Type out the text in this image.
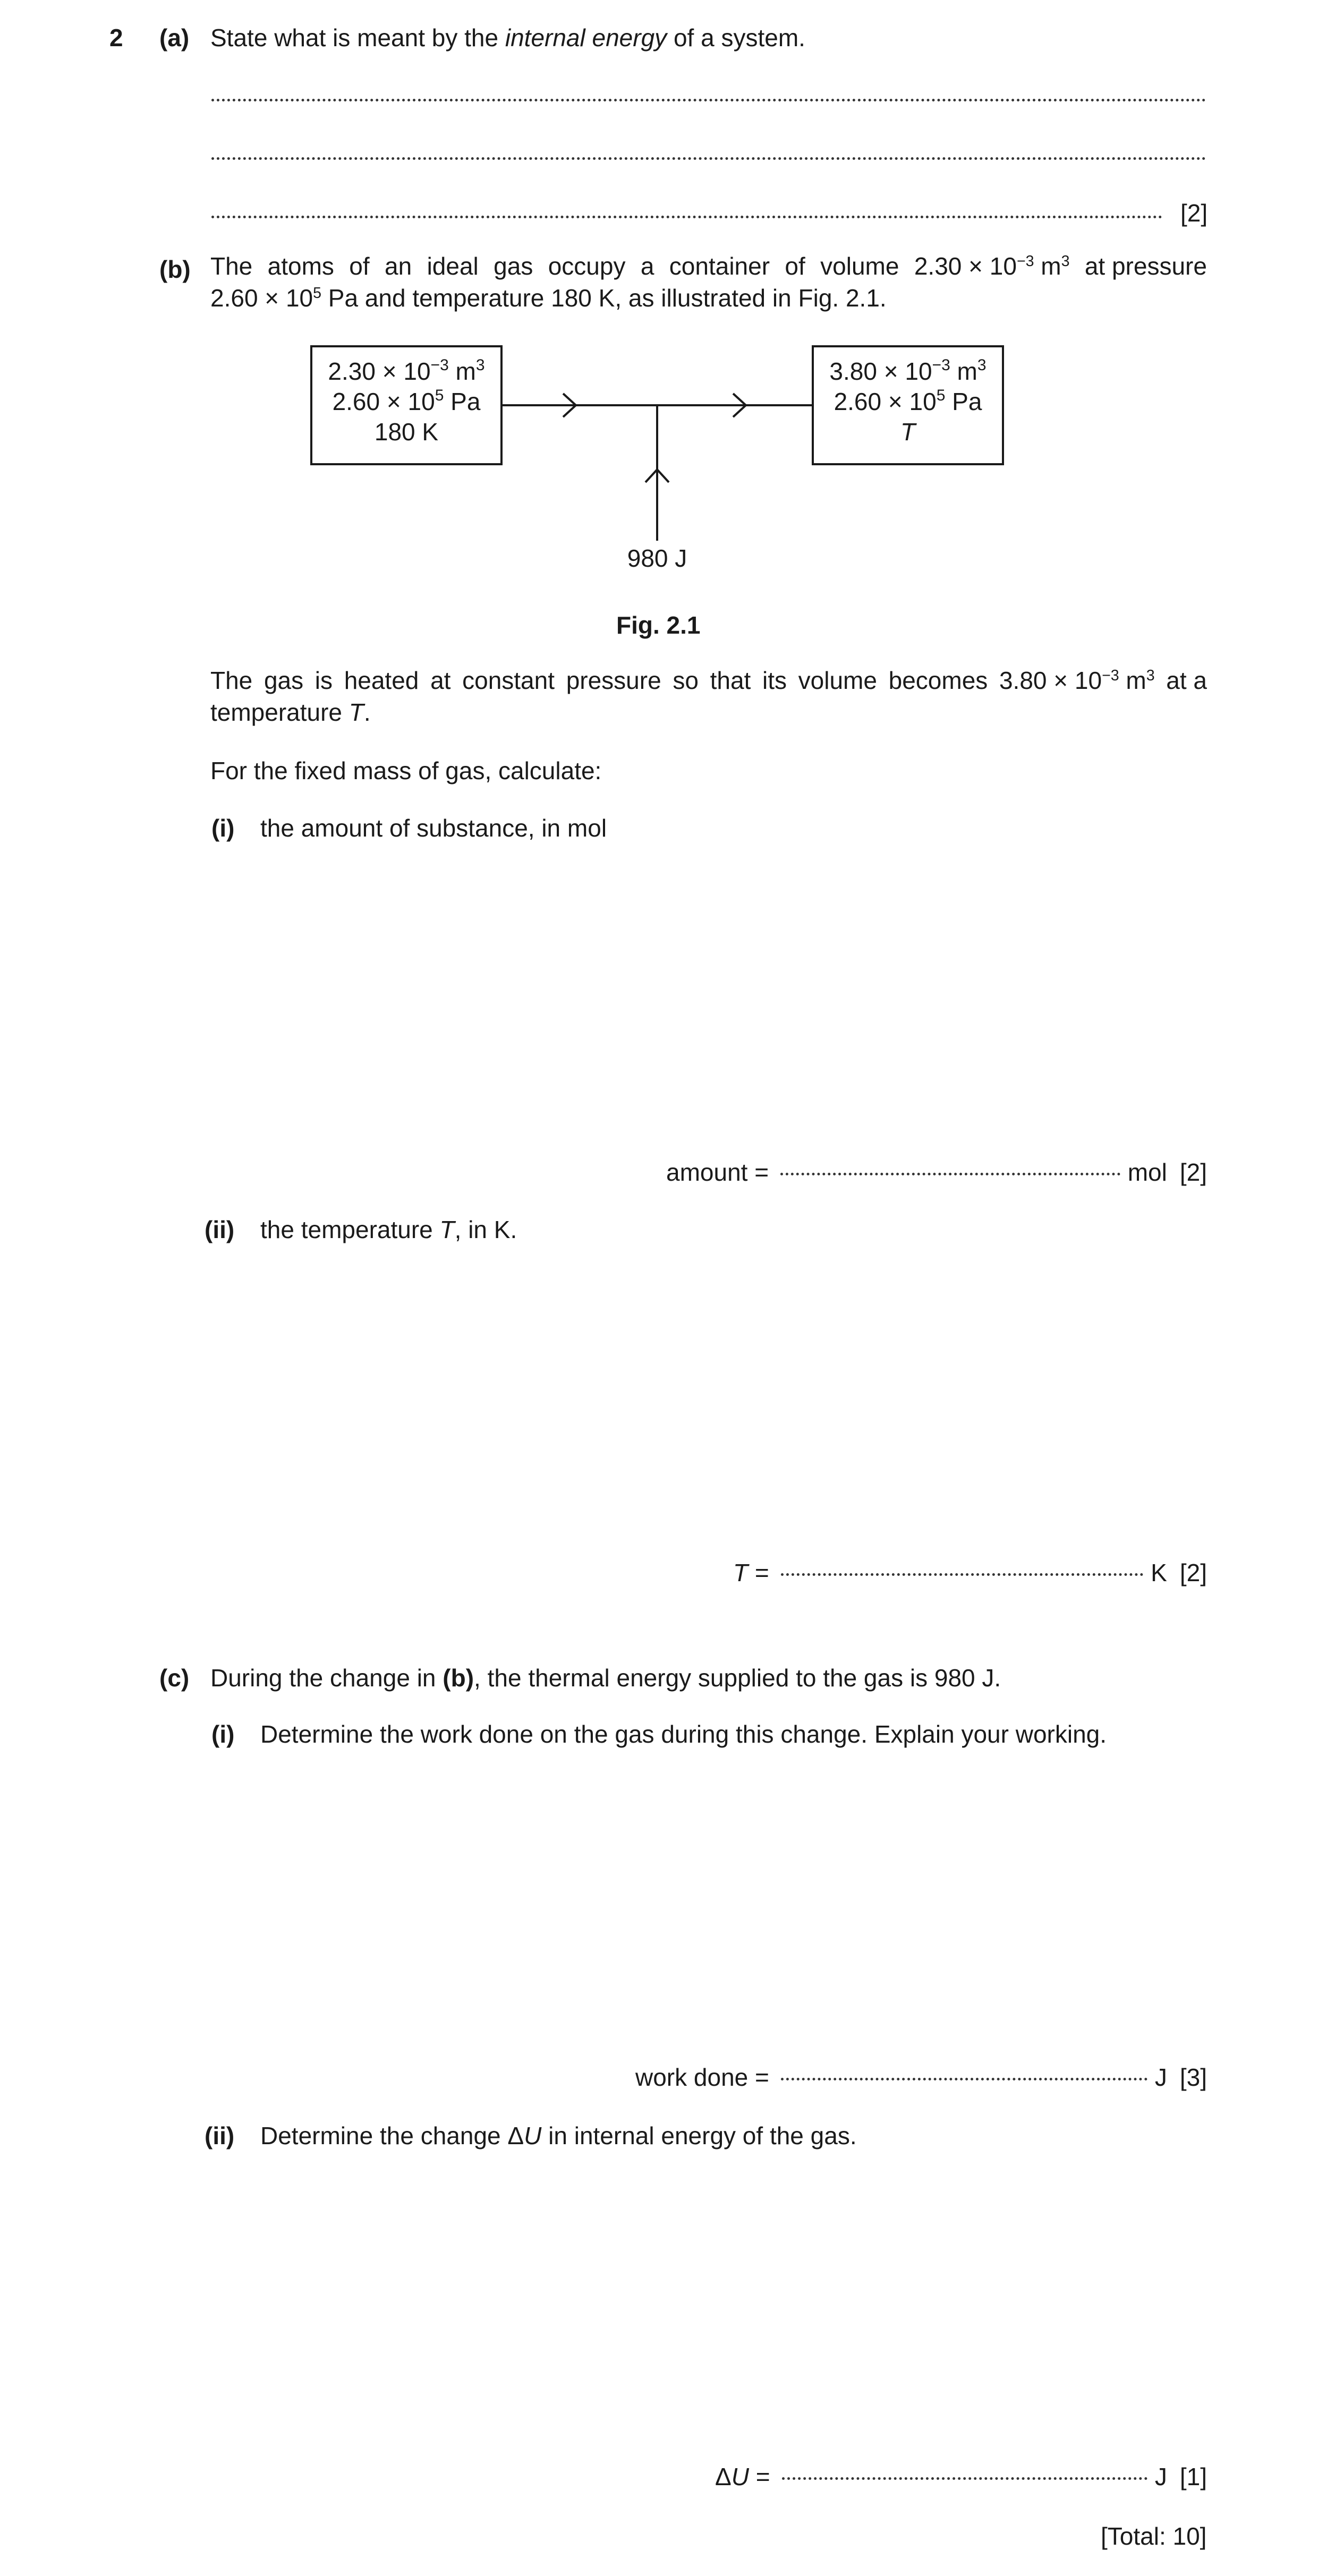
2 (a) State what is meant by the internal energy of a system.
[2]
(b) The atoms of an ideal gas occupy a container of volume $2.30 \times 10^{-3}$ $m^3$ at pressure
$2.60 \times 10^5$ Pa and temperature 180 K, as illustrated in Fig. 2.1.
$2.30 \times 10^{-3}$ $m^3$
$2.60 \times 10^5$ Pa
180 K
$3.80 \times 10^{-3}$ $m^3$
$2.60 \times 10^5$ Pa
T
980 J
Fig. 2.1
The gas is heated at constant pressure so that its volume becomes $3.80 \times 10^{-3}$ $m^3$ at a
temperature T.
For the fixed mass of gas, calculate:
(i) the amount of substance, in mol
amount =	mol [2]
(ii) the temperature T, in K.
T =	K [2]
(c) During the change in (b), the thermal energy supplied to the gas is 980 J.
(i) Determine the work done on the gas during this change. Explain your working.
work done =	J [3]
(ii) Determine the change ΔU in internal energy of the gas.
ΔU =	J [1]
[Total: 10]
